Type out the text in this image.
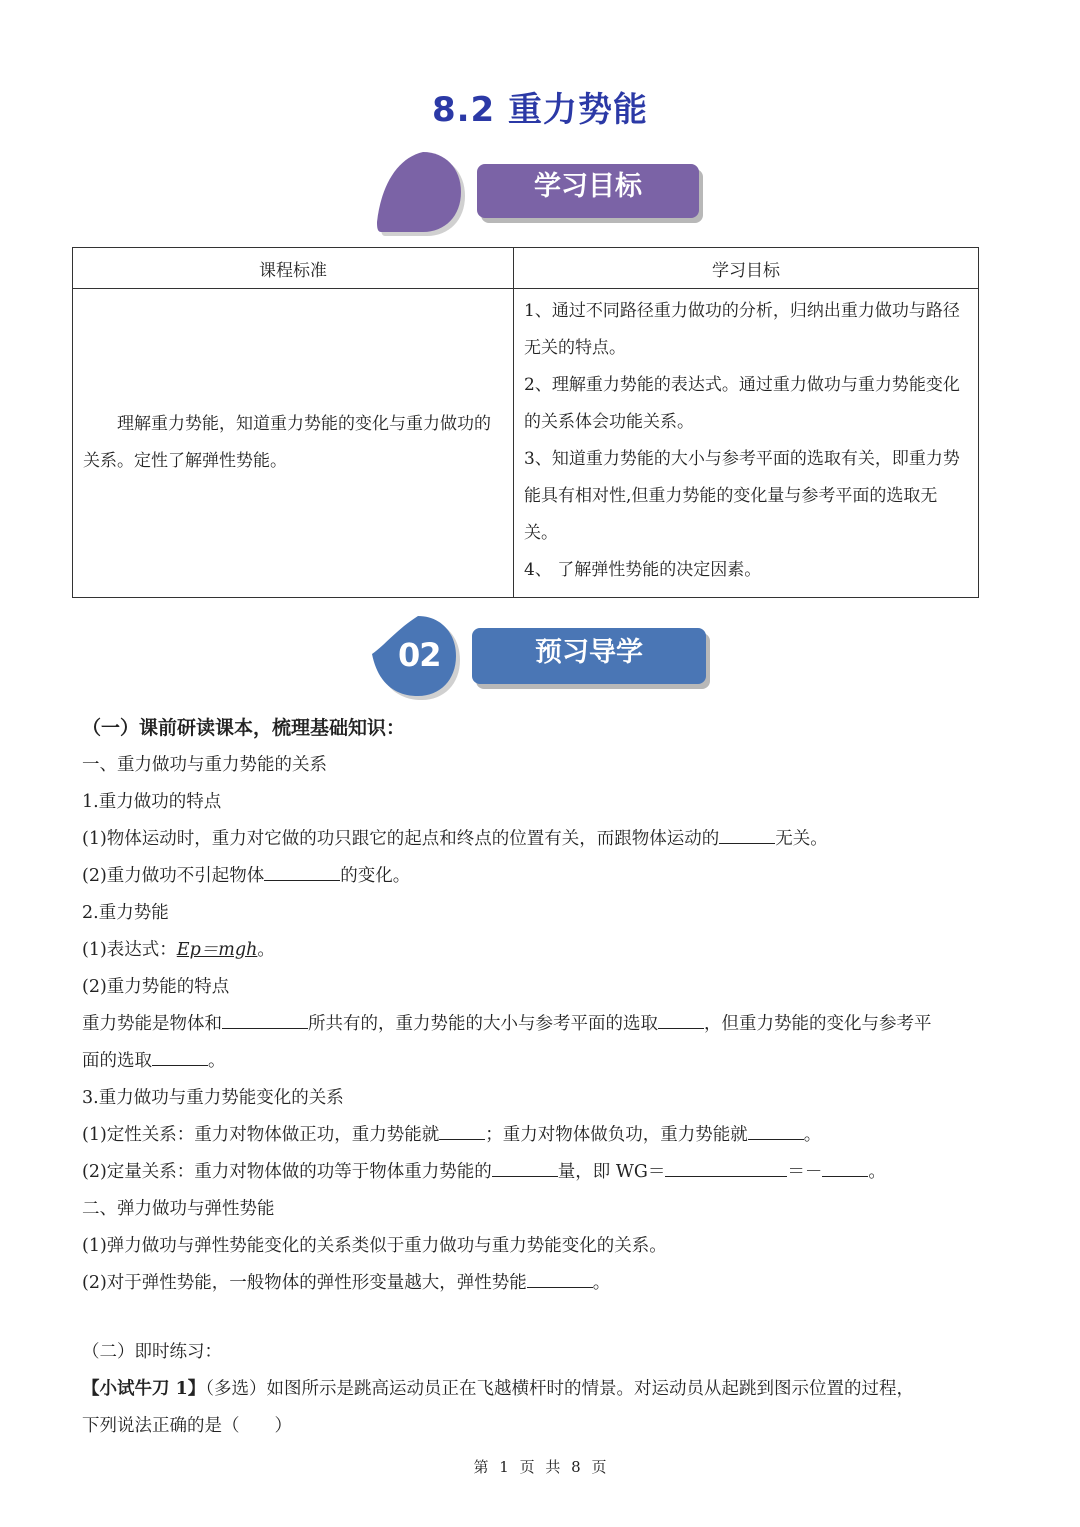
8.2 重力势能
学习目标
课程标准	学习目标

理解重力势能，知道重力势能的变化与重力做功的关系。定性了解弹性势能。	1、通过不同路径重力做功的分析，归纳出重力做功与路径无关的特点。

2、理解重力势能的表达式。通过重力做功与重力势能变化的关系体会功能关系。

3、知道重力势能的大小与参考平面的选取有关，即重力势能具有相对性,但重力势能的变化量与参考平面的选取无关。

4、 了解弹性势能的决定因素。

02	预习导学

（一）课前研读课本，梳理基础知识：

一、重力做功与重力势能的关系

1.重力做功的特点

(1)物体运动时，重力对它做的功只跟它的起点和终点的位置有关，而跟物体运动的	无关。

(2)重力做功不引起物体	的变化。

2.重力势能

(1)表达式：Ep＝mgh。

(2)重力势能的特点

重力势能是物体和	所共有的，重力势能的大小与参考平面的选取	，但重力势能的变化与参考平

面的选取	。

3.重力做功与重力势能变化的关系

(1)定性关系：重力对物体做正功，重力势能就	；重力对物体做负功，重力势能就	。

(2)定量关系：重力对物体做的功等于物体重力势能的	量，即 WG＝	＝－	。

二、弹力做功与弹性势能

(1)弹力做功与弹性势能变化的关系类似于重力做功与重力势能变化的关系。

(2)对于弹性势能，一般物体的弹性形变量越大，弹性势能	。

（二）即时练习：

【小试牛刀 1】（多选）如图所示是跳高运动员正在飞越横杆时的情景。对运动员从起跳到图示位置的过程，

下列说法正确的是（　　）

第 1 页 共 8 页
